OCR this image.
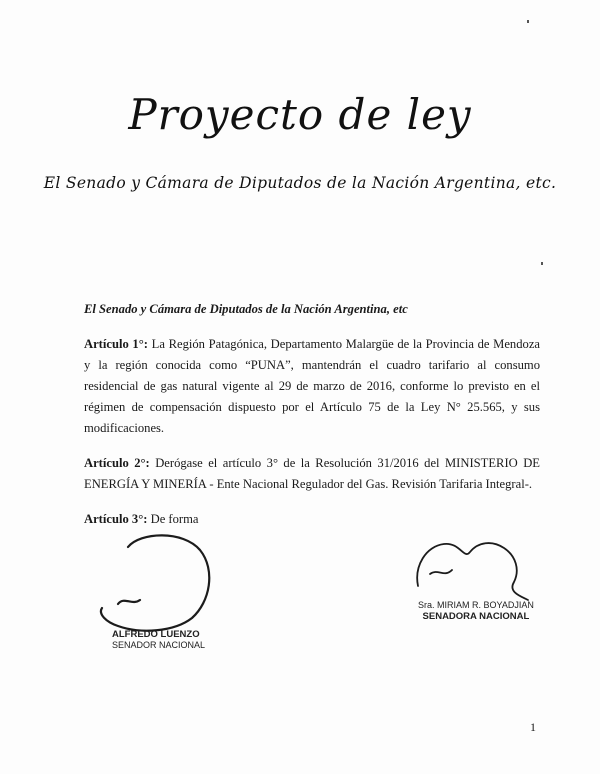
Proyecto de ley
El Senado y Cámara de Diputados de la Nación Argentina, etc.

El Senado y Cámara de Diputados de la Nación Argentina, etc

Artículo 1°: La Región Patagónica, Departamento Malargüe de la Provincia de Mendoza y la región conocida como “PUNA”, mantendrán el cuadro tarifario al consumo residencial de gas natural vigente al 29 de marzo de 2016, conforme lo previsto en el régimen de compensación dispuesto por el Artículo 75 de la Ley N° 25.565, y sus modificaciones.

Artículo 2°: Derógase el artículo 3° de la Resolución 31/2016 del MINISTERIO DE ENERGÍA Y MINERÍA - Ente Nacional Regulador del Gas. Revisión Tarifaria Integral-.

Artículo 3°: De forma

ALFREDO LUENZO
SENADOR NACIONAL
Sra. MIRIAM R. BOYADJIAN
SENADORA NACIONAL
1
